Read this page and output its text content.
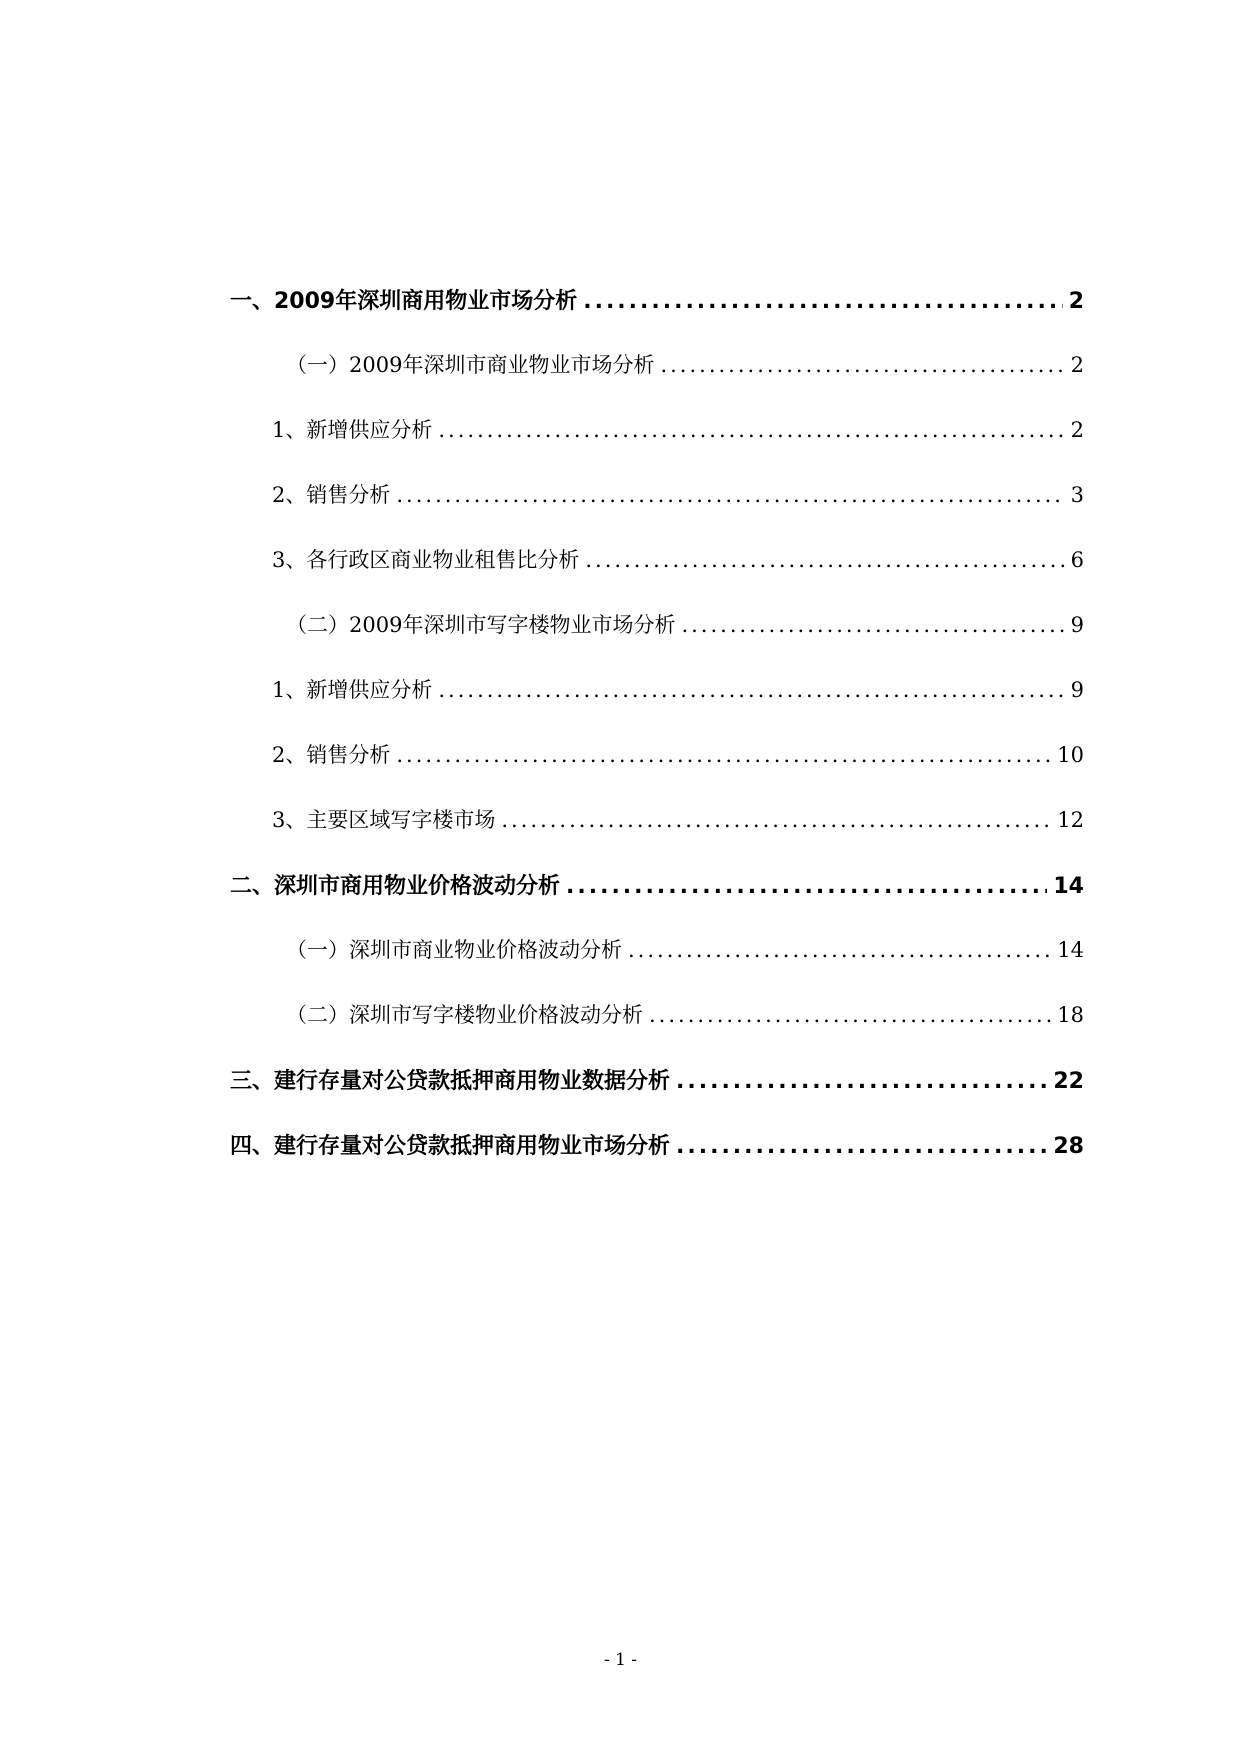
一、2009年深圳商用物业市场分析 .....	2
（一）2009年深圳市商业物业市场分析 .....	2
1、新增供应分析 .....	2
2、销售分析 .....	3
3、各行政区商业物业租售比分析 .....	6
（二）2009年深圳市写字楼物业市场分析 .....	9
1、新增供应分析 .....	9
2、销售分析 .....	10
3、主要区域写字楼市场 .....	12
二、深圳市商用物业价格波动分析 .....	14
（一）深圳市商业物业价格波动分析 .....	14
（二）深圳市写字楼物业价格波动分析 .....	18
三、建行存量对公贷款抵押商用物业数据分析 .....	22
四、建行存量对公贷款抵押商用物业市场分析 .....	28
- 1 -
